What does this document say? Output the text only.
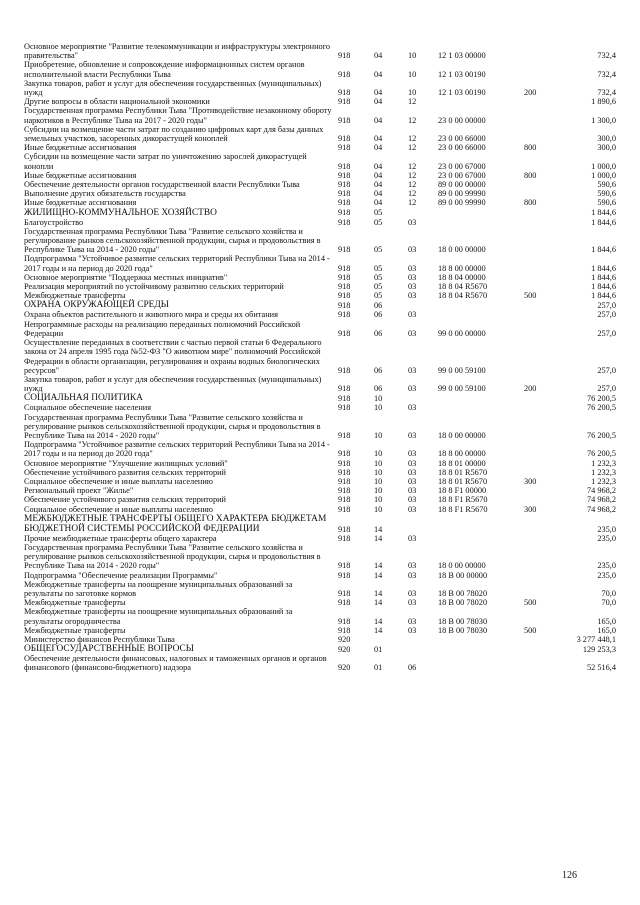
Основное мероприятие "Развитие телекоммуникации и инфраструктуры электронного правительства"	918	04	10	12 1 03 00000		732,4
Приобретение, обновление и сопровождение информационных систем органов исполнительной власти Республики Тыва	918	04	10	12 1 03 00190		732,4
Закупка товаров, работ и услуг для обеспечения государственных (муниципальных) нужд	918	04	10	12 1 03 00190	200	732,4
Другие вопросы в области национальной экономики	918	04	12			1 890,6
Государственная программа Республики Тыва "Противодействие незаконному обороту наркотиков в Республике Тыва на 2017 - 2020 годы"	918	04	12	23 0 00 00000		1 300,0
Субсидии на возмещение части затрат по созданию цифровых карт для базы данных земельных участков, засоренных дикорастущей коноплей	918	04	12	23 0 00 66000		300,0
Иные бюджетные ассигнования	918	04	12	23 0 00 66000	800	300,0
Субсидии на возмещение части затрат по уничтожению зарослей дикорастущей конопли	918	04	12	23 0 00 67000		1 000,0
Иные бюджетные ассигнования	918	04	12	23 0 00 67000	800	1 000,0
Обеспечение деятельности органов государственной власти Республики Тыва	918	04	12	89 0 00 00000		590,6
Выполнение других обязательств государства	918	04	12	89 0 00 99990		590,6
Иные бюджетные ассигнования	918	04	12	89 0 00 99990	800	590,6
ЖИЛИЩНО-КОММУНАЛЬНОЕ ХОЗЯЙСТВО	918	05				1 844,6
Благоустройство	918	05	03			1 844,6
Государственная программа Республики Тыва "Развитие сельского хозяйства и регулирование рынков сельскохозяйственной продукции, сырья и продовольствия в Республике Тыва на 2014 - 2020 годы"	918	05	03	18 0 00 00000		1 844,6
Подпрограмма "Устойчивое развитие сельских территорий Республики Тыва на 2014 - 2017 годы и на период до 2020 года"	918	05	03	18 8 00 00000		1 844,6
Основное мероприятие "Поддержка местных инициатив"	918	05	03	18 8 04 00000		1 844,6
Реализация мероприятий по устойчивому развитию сельских территорий	918	05	03	18 8 04 R5670		1 844,6
Межбюджетные трансферты	918	05	03	18 8 04 R5670	500	1 844,6
ОХРАНА ОКРУЖАЮЩЕЙ СРЕДЫ	918	06				257,0
Охрана объектов растительного и животного мира и среды их обитания	918	06	03			257,0
Непрограммные расходы на реализацию переданных полномочий Российской Федерации	918	06	03	99 0 00 00000		257,0
Осуществление переданных в соответствии с частью первой статьи 6 Федерального закона от 24 апреля 1995 года №52-ФЗ "О животном мире" полномочий Российской Федерации в области организации, регулирования и охраны водных биологических ресурсов"	918	06	03	99 0 00 59100		257,0
Закупка товаров, работ и услуг для обеспечения государственных (муниципальных) нужд	918	06	03	99 0 00 59100	200	257,0
СОЦИАЛЬНАЯ ПОЛИТИКА	918	10				76 200,5
Социальное обеспечение населения	918	10	03			76 200,5
Государственная программа Республики Тыва "Развитие сельского хозяйства и регулирование рынков сельскохозяйственной продукции, сырья и продовольствия в Республике Тыва на 2014 - 2020 годы"	918	10	03	18 0 00 00000		76 200,5
Подпрограмма "Устойчивое развитие сельских территорий Республики Тыва на 2014 - 2017 годы и на период до 2020 года"	918	10	03	18 8 00 00000		76 200,5
Основное мероприятие "Улучшение жилищных условий"	918	10	03	18 8 01 00000		1 232,3
Обеспечение устойчивого развития сельских территорий	918	10	03	18 8 01 R5670		1 232,3
Социальное обеспечение и иные выплаты населению	918	10	03	18 8 01 R5670	300	1 232,3
Региональный проект "Жилье"	918	10	03	18 8 F1 00000		74 968,2
Обеспечение устойчивого развития сельских территорий	918	10	03	18 8 F1 R5670		74 968,2
Социальное обеспечение и иные выплаты населению	918	10	03	18 8 F1 R5670	300	74 968,2
МЕЖБЮДЖЕТНЫЕ ТРАНСФЕРТЫ ОБЩЕГО ХАРАКТЕРА БЮДЖЕТАМ БЮДЖЕТНОЙ СИСТЕМЫ РОССИЙСКОЙ ФЕДЕРАЦИИ	918	14				235,0
Прочие межбюджетные трансферты общего характера	918	14	03			235,0
Государственная программа Республики Тыва "Развитие сельского хозяйства и регулирование рынков сельскохозяйственной продукции, сырья и продовольствия в Республике Тыва на 2014 - 2020 годы"	918	14	03	18 0 00 00000		235,0
Подпрограмма "Обеспечение реализации Программы"	918	14	03	18 В 00 00000		235,0
Межбюджетные трансферты на поощрение муниципальных образований за результаты по заготовке кормов	918	14	03	18 В 00 78020		70,0
Межбюджетные трансферты	918	14	03	18 В 00 78020	500	70,0
Межбюджетные трансферты на поощрение муниципальных образований за результаты огородничества	918	14	03	18 В 00 78030		165,0
Межбюджетные трансферты	918	14	03	18 В 00 78030	500	165,0
Министерство финансов Республики Тыва	920					3 277 448,1
ОБЩЕГОСУДАРСТВЕННЫЕ ВОПРОСЫ	920	01				129 253,3
Обеспечение деятельности финансовых, налоговых и таможенных органов и органов финансового (финансово-бюджетного) надзора	920	01	06			52 516,4
126
